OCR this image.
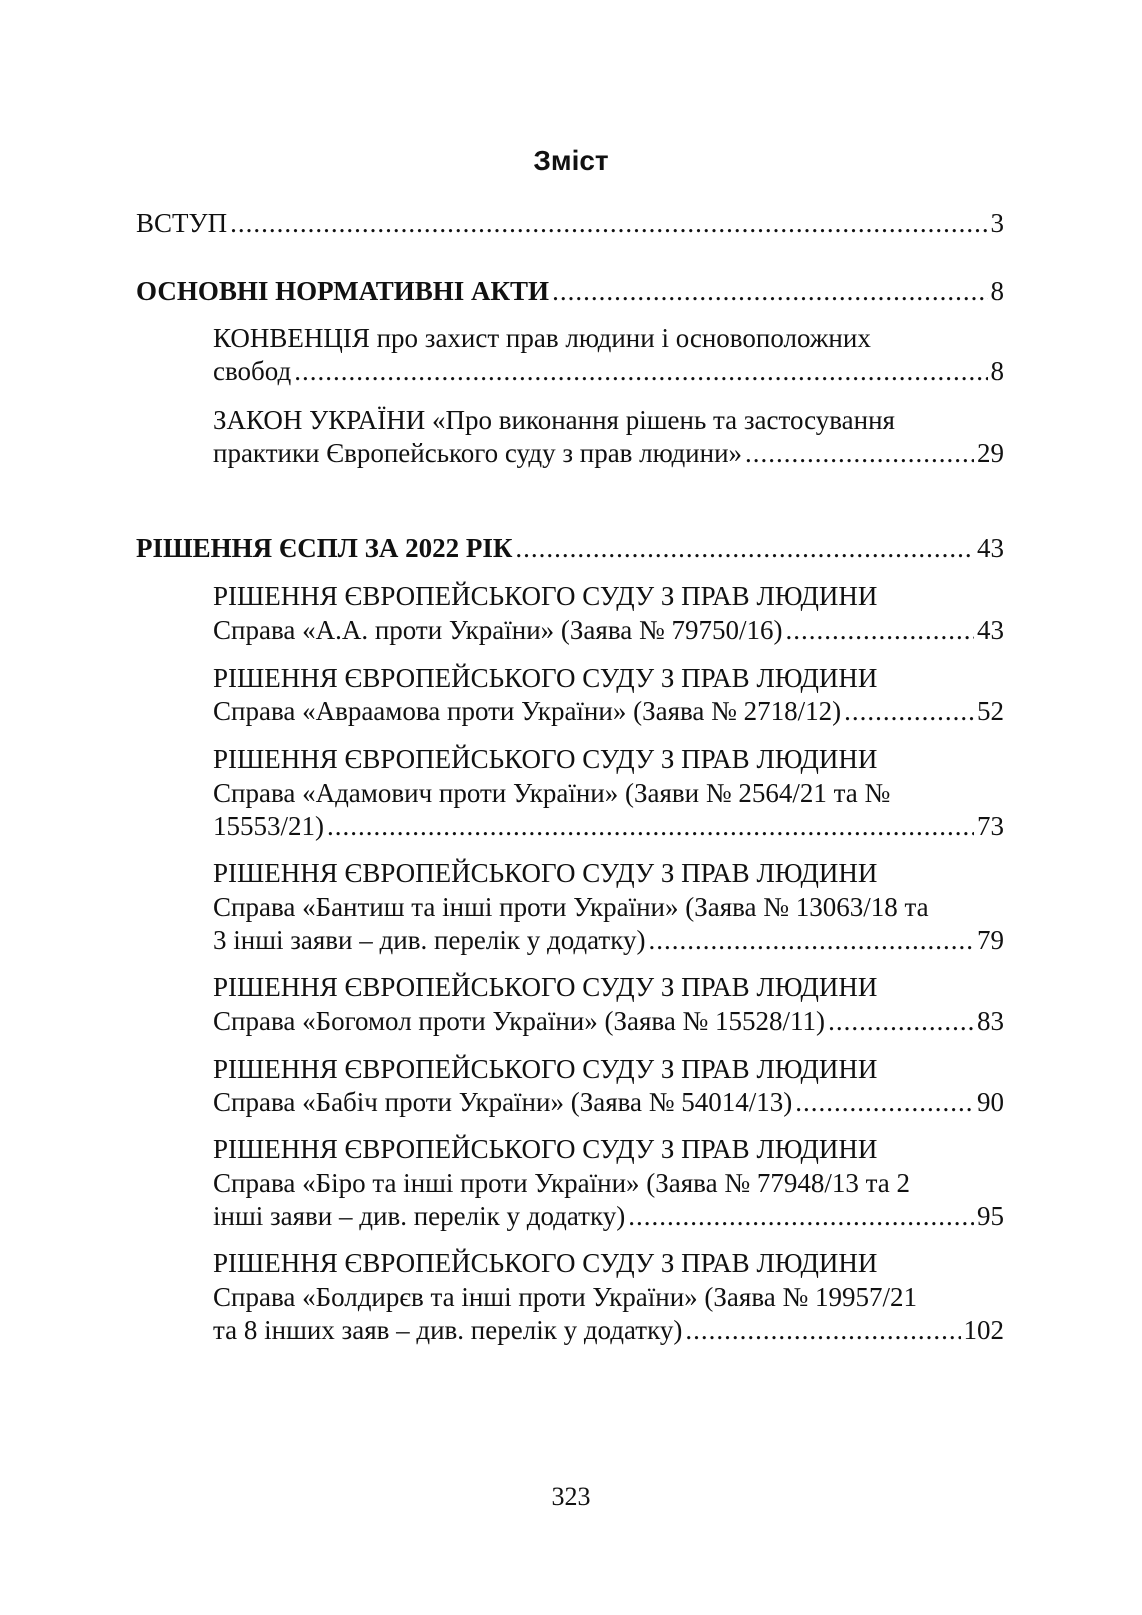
Зміст
ВСТУП .....	3
ОСНОВНІ НОРМАТИВНІ АКТИ .....	8
КОНВЕНЦІЯ про захист прав людини і основоположних
свобод .....	8
ЗАКОН УКРАЇНИ «Про виконання рішень та застосування
практики Європейського суду з прав людини» .....	29
РІШЕННЯ ЄСПЛ ЗА 2022 РІК .....	43
РІШЕННЯ ЄВРОПЕЙСЬКОГО СУДУ З ПРАВ ЛЮДИНИ
Справа «А.А. проти України» (Заява № 79750/16) .....	43
РІШЕННЯ ЄВРОПЕЙСЬКОГО СУДУ З ПРАВ ЛЮДИНИ
Справа «Авраамова проти України» (Заява № 2718/12) .....	52
РІШЕННЯ ЄВРОПЕЙСЬКОГО СУДУ З ПРАВ ЛЮДИНИ
Справа «Адамович проти України» (Заяви № 2564/21 та №
15553/21) .....	73
РІШЕННЯ ЄВРОПЕЙСЬКОГО СУДУ З ПРАВ ЛЮДИНИ
Справа «Бантиш та інші проти України» (Заява № 13063/18 та
3 інші заяви – див. перелік у додатку) .....	79
РІШЕННЯ ЄВРОПЕЙСЬКОГО СУДУ З ПРАВ ЛЮДИНИ
Справа «Богомол проти України» (Заява № 15528/11) .....	83
РІШЕННЯ ЄВРОПЕЙСЬКОГО СУДУ З ПРАВ ЛЮДИНИ
Справа «Бабіч проти України» (Заява № 54014/13) .....	90
РІШЕННЯ ЄВРОПЕЙСЬКОГО СУДУ З ПРАВ ЛЮДИНИ
Справа «Біро та інші проти України» (Заява № 77948/13 та 2
інші заяви – див. перелік у додатку) .....	95
РІШЕННЯ ЄВРОПЕЙСЬКОГО СУДУ З ПРАВ ЛЮДИНИ
Справа «Болдирєв та інші проти України» (Заява № 19957/21
та 8 інших заяв – див. перелік у додатку) .....	102
323
